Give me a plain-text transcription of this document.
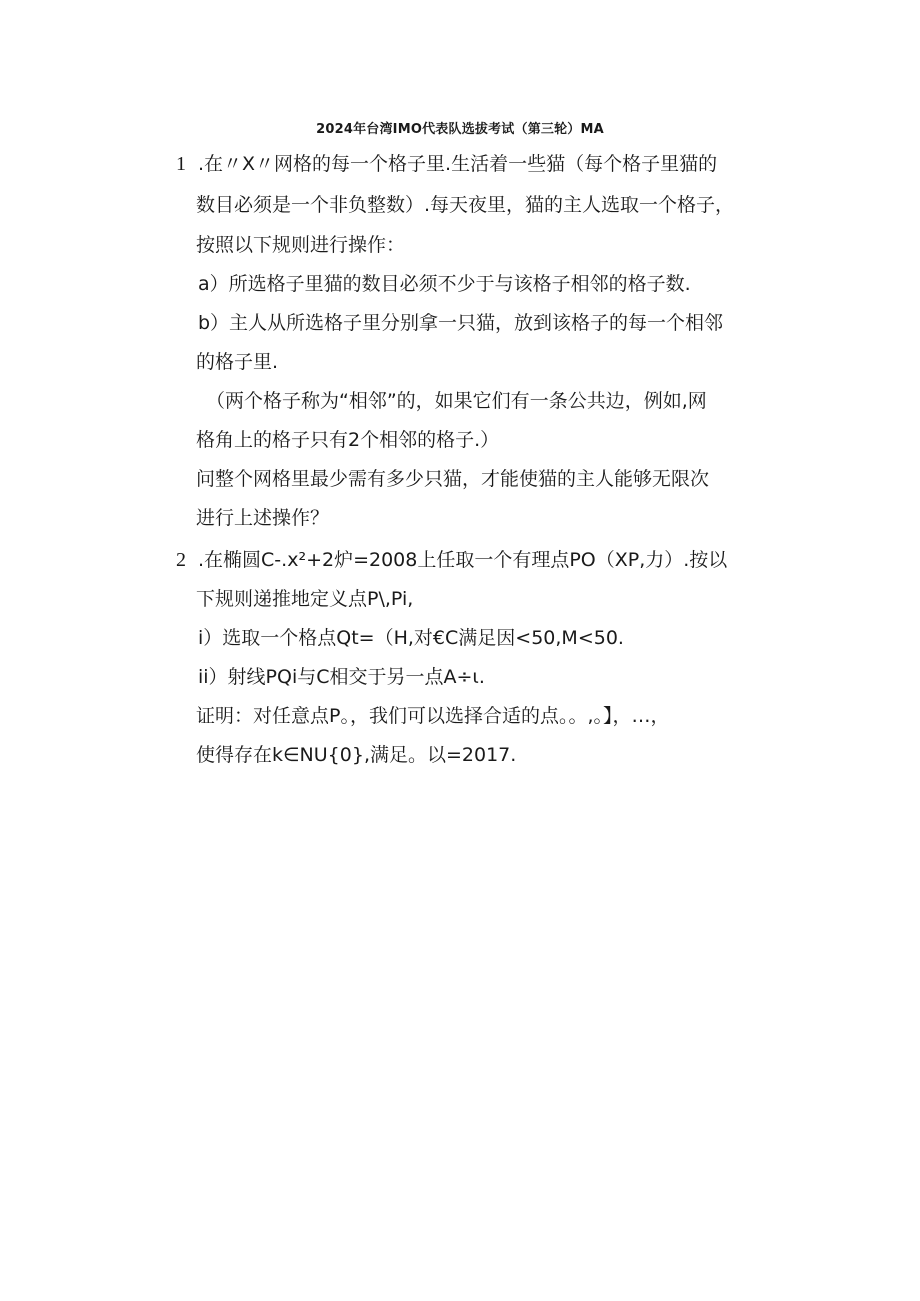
2024年台湾IMO代表队选拔考试（第三轮）MA
1 .在〃X〃网格的每一个格子里.生活着一些猫（每个格子里猫的
数目必须是一个非负整数）.每天夜里，猫的主人选取一个格子，
按照以下规则进行操作：
a）所选格子里猫的数目必须不少于与该格子相邻的格子数.
b）主人从所选格子里分别拿一只猫，放到该格子的每一个相邻
的格子里.
（两个格子称为“相邻”的，如果它们有一条公共边，例如,网
格角上的格子只有2个相邻的格子.）
问整个网格里最少需有多少只猫，才能使猫的主人能够无限次
进行上述操作？
2 .在椭圆C-.x²+2炉=2008上任取一个有理点PO（XP,力）.按以
下规则递推地定义点P\,Pi,
i）选取一个格点Qt=（H,对€C满足因<50,M<50.
ii）射线PQi与C相交于另一点A÷ι.
证明：对任意点P。，我们可以选择合适的点。。,。】，…，
使得存在k∈NU{0},满足。以=2017.
